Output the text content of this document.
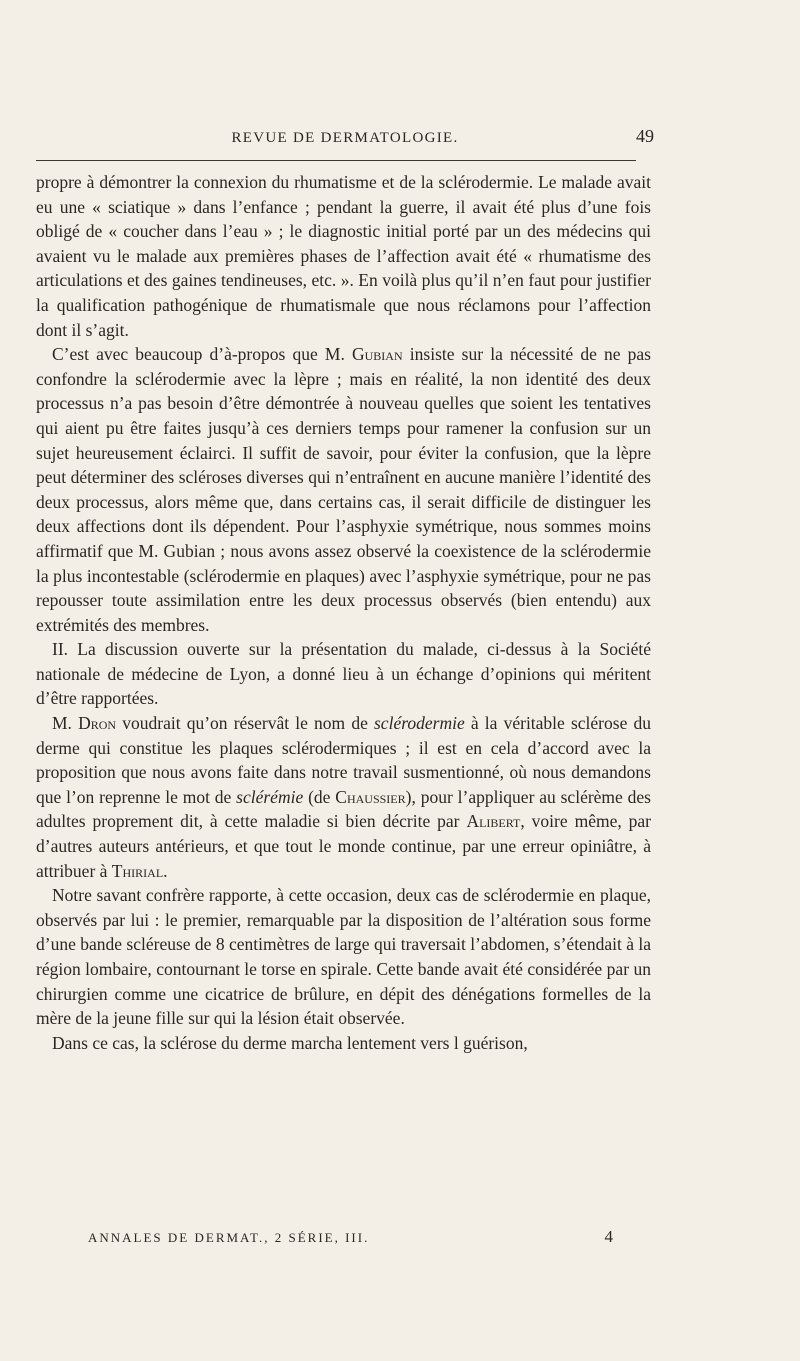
REVUE DE DERMATOLOGIE.	49

propre à démontrer la connexion du rhumatisme et de la sclérodermie. Le malade avait eu une « sciatique » dans l’enfance ; pendant la guerre, il avait été plus d’une fois obligé de « coucher dans l’eau » ; le diagnostic initial porté par un des médecins qui avaient vu le malade aux premières phases de l’affection avait été « rhumatisme des articulations et des gaines tendineuses, etc. ». En voilà plus qu’il n’en faut pour justifier la qualification pathogénique de rhumatismale que nous réclamons pour l’affection dont il s’agit.

C’est avec beaucoup d’à-propos que M. Gubian insiste sur la nécessité de ne pas confondre la sclérodermie avec la lèpre ; mais en réalité, la non identité des deux processus n’a pas besoin d’être démontrée à nouveau quelles que soient les tentatives qui aient pu être faites jusqu’à ces derniers temps pour ramener la confusion sur un sujet heureusement éclairci. Il suffit de savoir, pour éviter la confusion, que la lèpre peut déterminer des scléroses diverses qui n’entraînent en aucune manière l’identité des deux processus, alors même que, dans certains cas, il serait difficile de distinguer les deux affections dont ils dépendent. Pour l’asphyxie symétrique, nous sommes moins affirmatif que M. Gubian ; nous avons assez observé la coexistence de la sclérodermie la plus incontestable (sclérodermie en plaques) avec l’asphyxie symétrique, pour ne pas repousser toute assimilation entre les deux processus observés (bien entendu) aux extrémités des membres.

II. La discussion ouverte sur la présentation du malade, ci-dessus à la Société nationale de médecine de Lyon, a donné lieu à un échange d’opinions qui méritent d’être rapportées.

M. Dron voudrait qu’on réservât le nom de sclérodermie à la véritable sclérose du derme qui constitue les plaques sclérodermiques ; il est en cela d’accord avec la proposition que nous avons faite dans notre travail susmentionné, où nous demandons que l’on reprenne le mot de sclérémie (de Chaussier), pour l’appliquer au sclérème des adultes proprement dit, à cette maladie si bien décrite par Alibert, voire même, par d’autres auteurs antérieurs, et que tout le monde continue, par une erreur opiniâtre, à attribuer à Thirial.

Notre savant confrère rapporte, à cette occasion, deux cas de sclérodermie en plaque, observés par lui : le premier, remarquable par la disposition de l’altération sous forme d’une bande scléreuse de 8 centimètres de large qui traversait l’abdomen, s’étendait à la région lombaire, contournant le torse en spirale. Cette bande avait été considérée par un chirurgien comme une cicatrice de brûlure, en dépit des dénégations formelles de la mère de la jeune fille sur qui la lésion était observée.

Dans ce cas, la sclérose du derme marcha lentement vers l guérison,

ANNALES DE DERMAT., 2 SÉRIE, III.	4
